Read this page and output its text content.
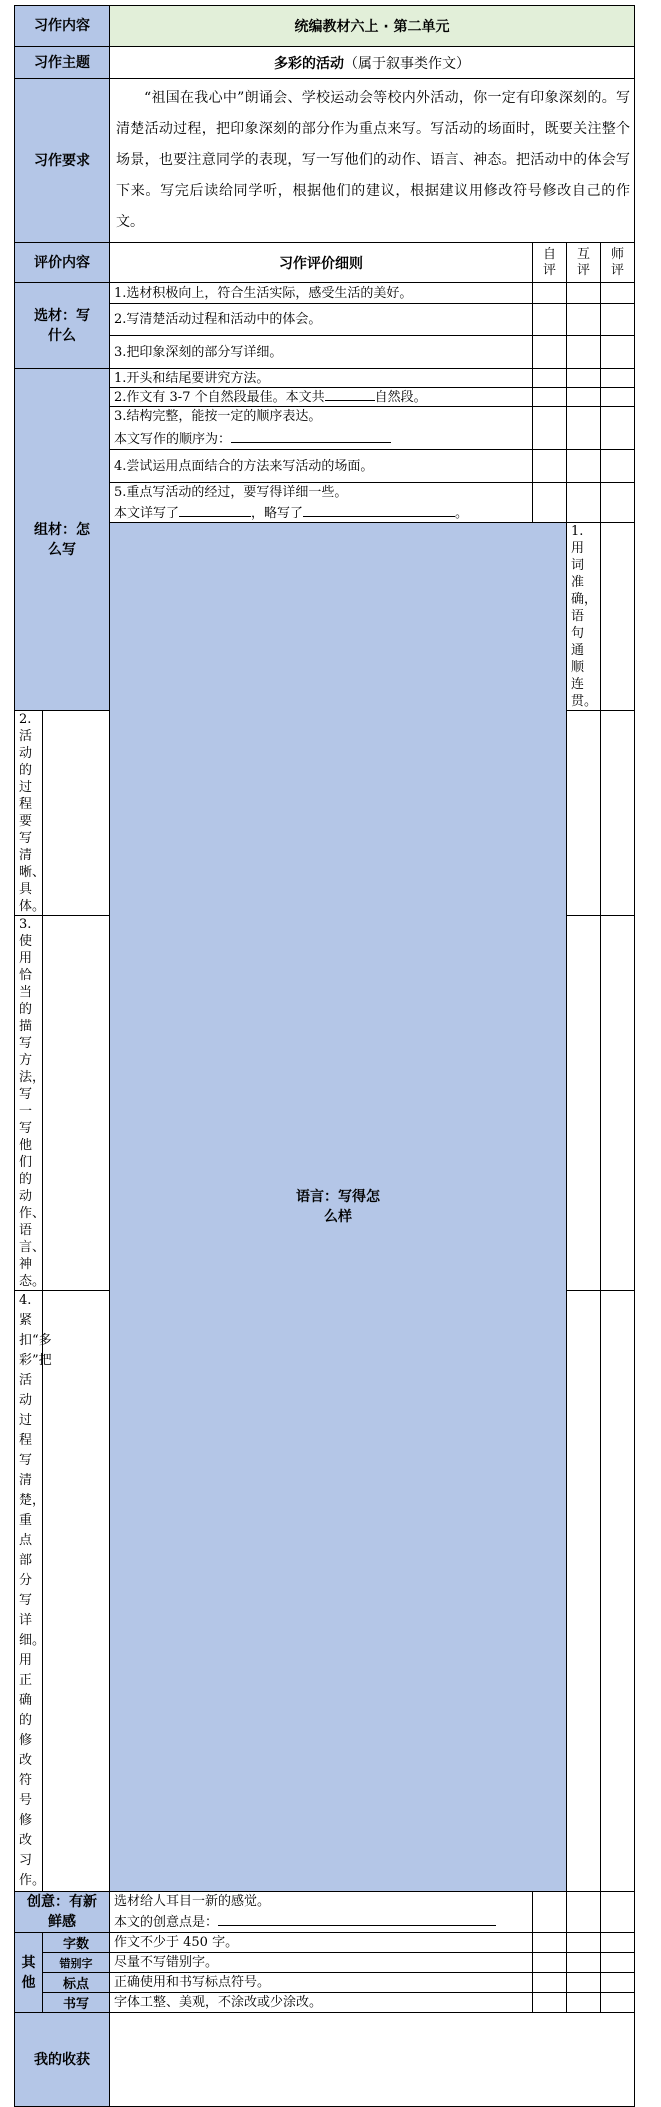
习作内容		统编教材六上 · 第二单元				
习作主题		多彩的活动（属于叙事类作文）				
习作要求		“祖国在我心中”朗诵会、学校运动会等校内外活动，你一定有印象深刻的。写清楚活动过程，把印象深刻的部分作为重点来写。写活动的场面时，既要关注整个场景，也要注意同学的表现，写一写他们的动作、语言、神态。把活动中的体会写下来。写完后读给同学听，根据他们的建议，根据建议用修改符号修改自己的作文。				
评价内容		习作评价细则	自评	互评	师评	

选材：写什么		1.选材积极向上，符合生活实际，感受生活的美好。				
		2.写清楚活动过程和活动中的体会。				
		3.把印象深刻的部分写详细。				

组材：怎么写		1.开头和结尾要讲究方法。				
		2.作文有 3-7 个自然段最佳。本文共 自然段。				

		3.结构完整，能按一定的顺序表达。
本文写作的顺序为：				

		4.尝试运用点面结合的方法来写活动的场面。				

		5.重点写活动的经过，要写得详细一些。
本文详写了 ，略写了 。				

		语言：写得怎么样		1.用词准确，语句通顺连贯。			
2.活动的过程要写清晰、具体。						
3.使用恰当的描写方法，写一写他们的动作、语言、神态。						
4.紧扣“多彩”把活动过程写清楚，重点部分写详细。用正确的修改符号修改习作。						

创意：有新鲜感		选材给人耳目一新的感觉。
本文的创意点是：				

其他	字数	作文不少于 450 字。				
	错别字	尽量不写错别字。				
	标点	正确使用和书写标点符号。				
	书写	字体工整、美观，不涂改或少涂改。				
我的收获						
